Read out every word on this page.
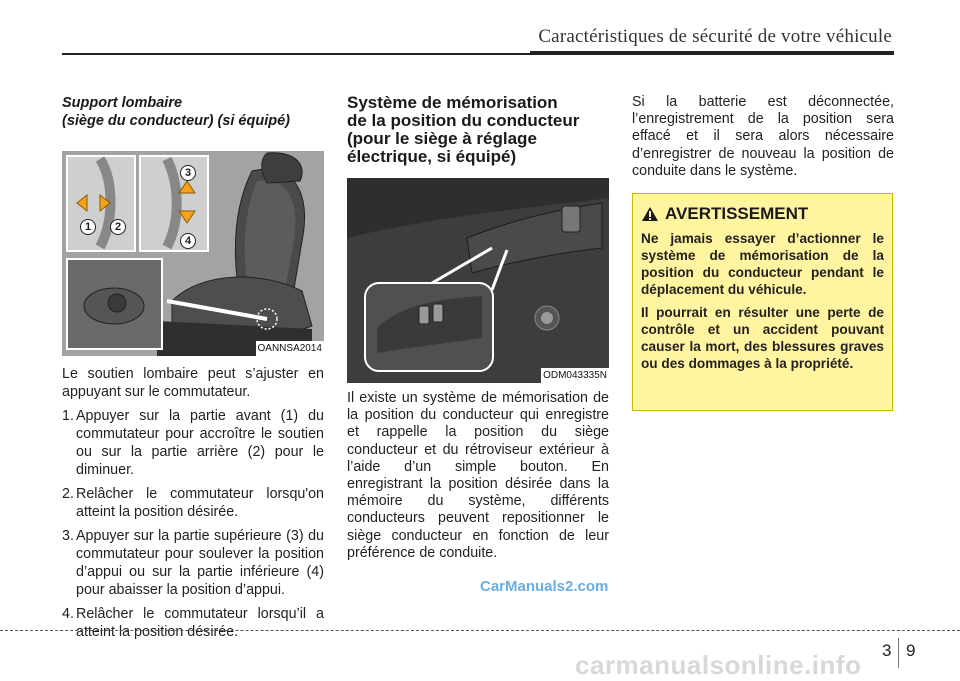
Caractéristiques de sécurité de votre véhicule

Support lombaire

(siège du conducteur) (si équipé)

1	2
3
4
OANNSA2014

Le soutien lombaire peut s’ajuster en appuyant sur le commutateur.

1. Appuyer sur la partie avant (1) du commutateur pour accroître le soutien ou sur la partie arrière (2) pour le diminuer.
2. Relâcher le commutateur lorsqu'on atteint la position désirée.
3. Appuyer sur la partie supérieure (3) du commutateur pour soulever la position d’appui ou sur la partie inférieure (4) pour abaisser la position d’appui.
4. Relâcher le commutateur lorsqu’il a atteint la position désirée.

Système de mémorisation

de la position du conducteur

(pour le siège à réglage

électrique, si équipé)

ODM043335N

Il existe un système de mémorisation de la position du conducteur qui enregistre et rappelle la position du siège conducteur et du rétroviseur extérieur à l’aide d’un simple bouton. En enregistrant la position désirée dans la mémoire du système, différents conducteurs peuvent repositionner le siège conducteur en fonction de leur préférence de conduite.

Si la batterie est déconnectée, l’enregistrement de la position sera effacé et il sera alors nécessaire d’enregistrer de nouveau la position de conduite dans le système.

AVERTISSEMENT

Ne jamais essayer d’actionner le système de mémorisation de la position du conducteur pendant le déplacement du véhicule.

Il pourrait en résulter une perte de contrôle et un accident pouvant causer la mort, des blessures graves ou des dommages à la propriété.

CarManuals2.com
3 9
carmanualsonline.info
